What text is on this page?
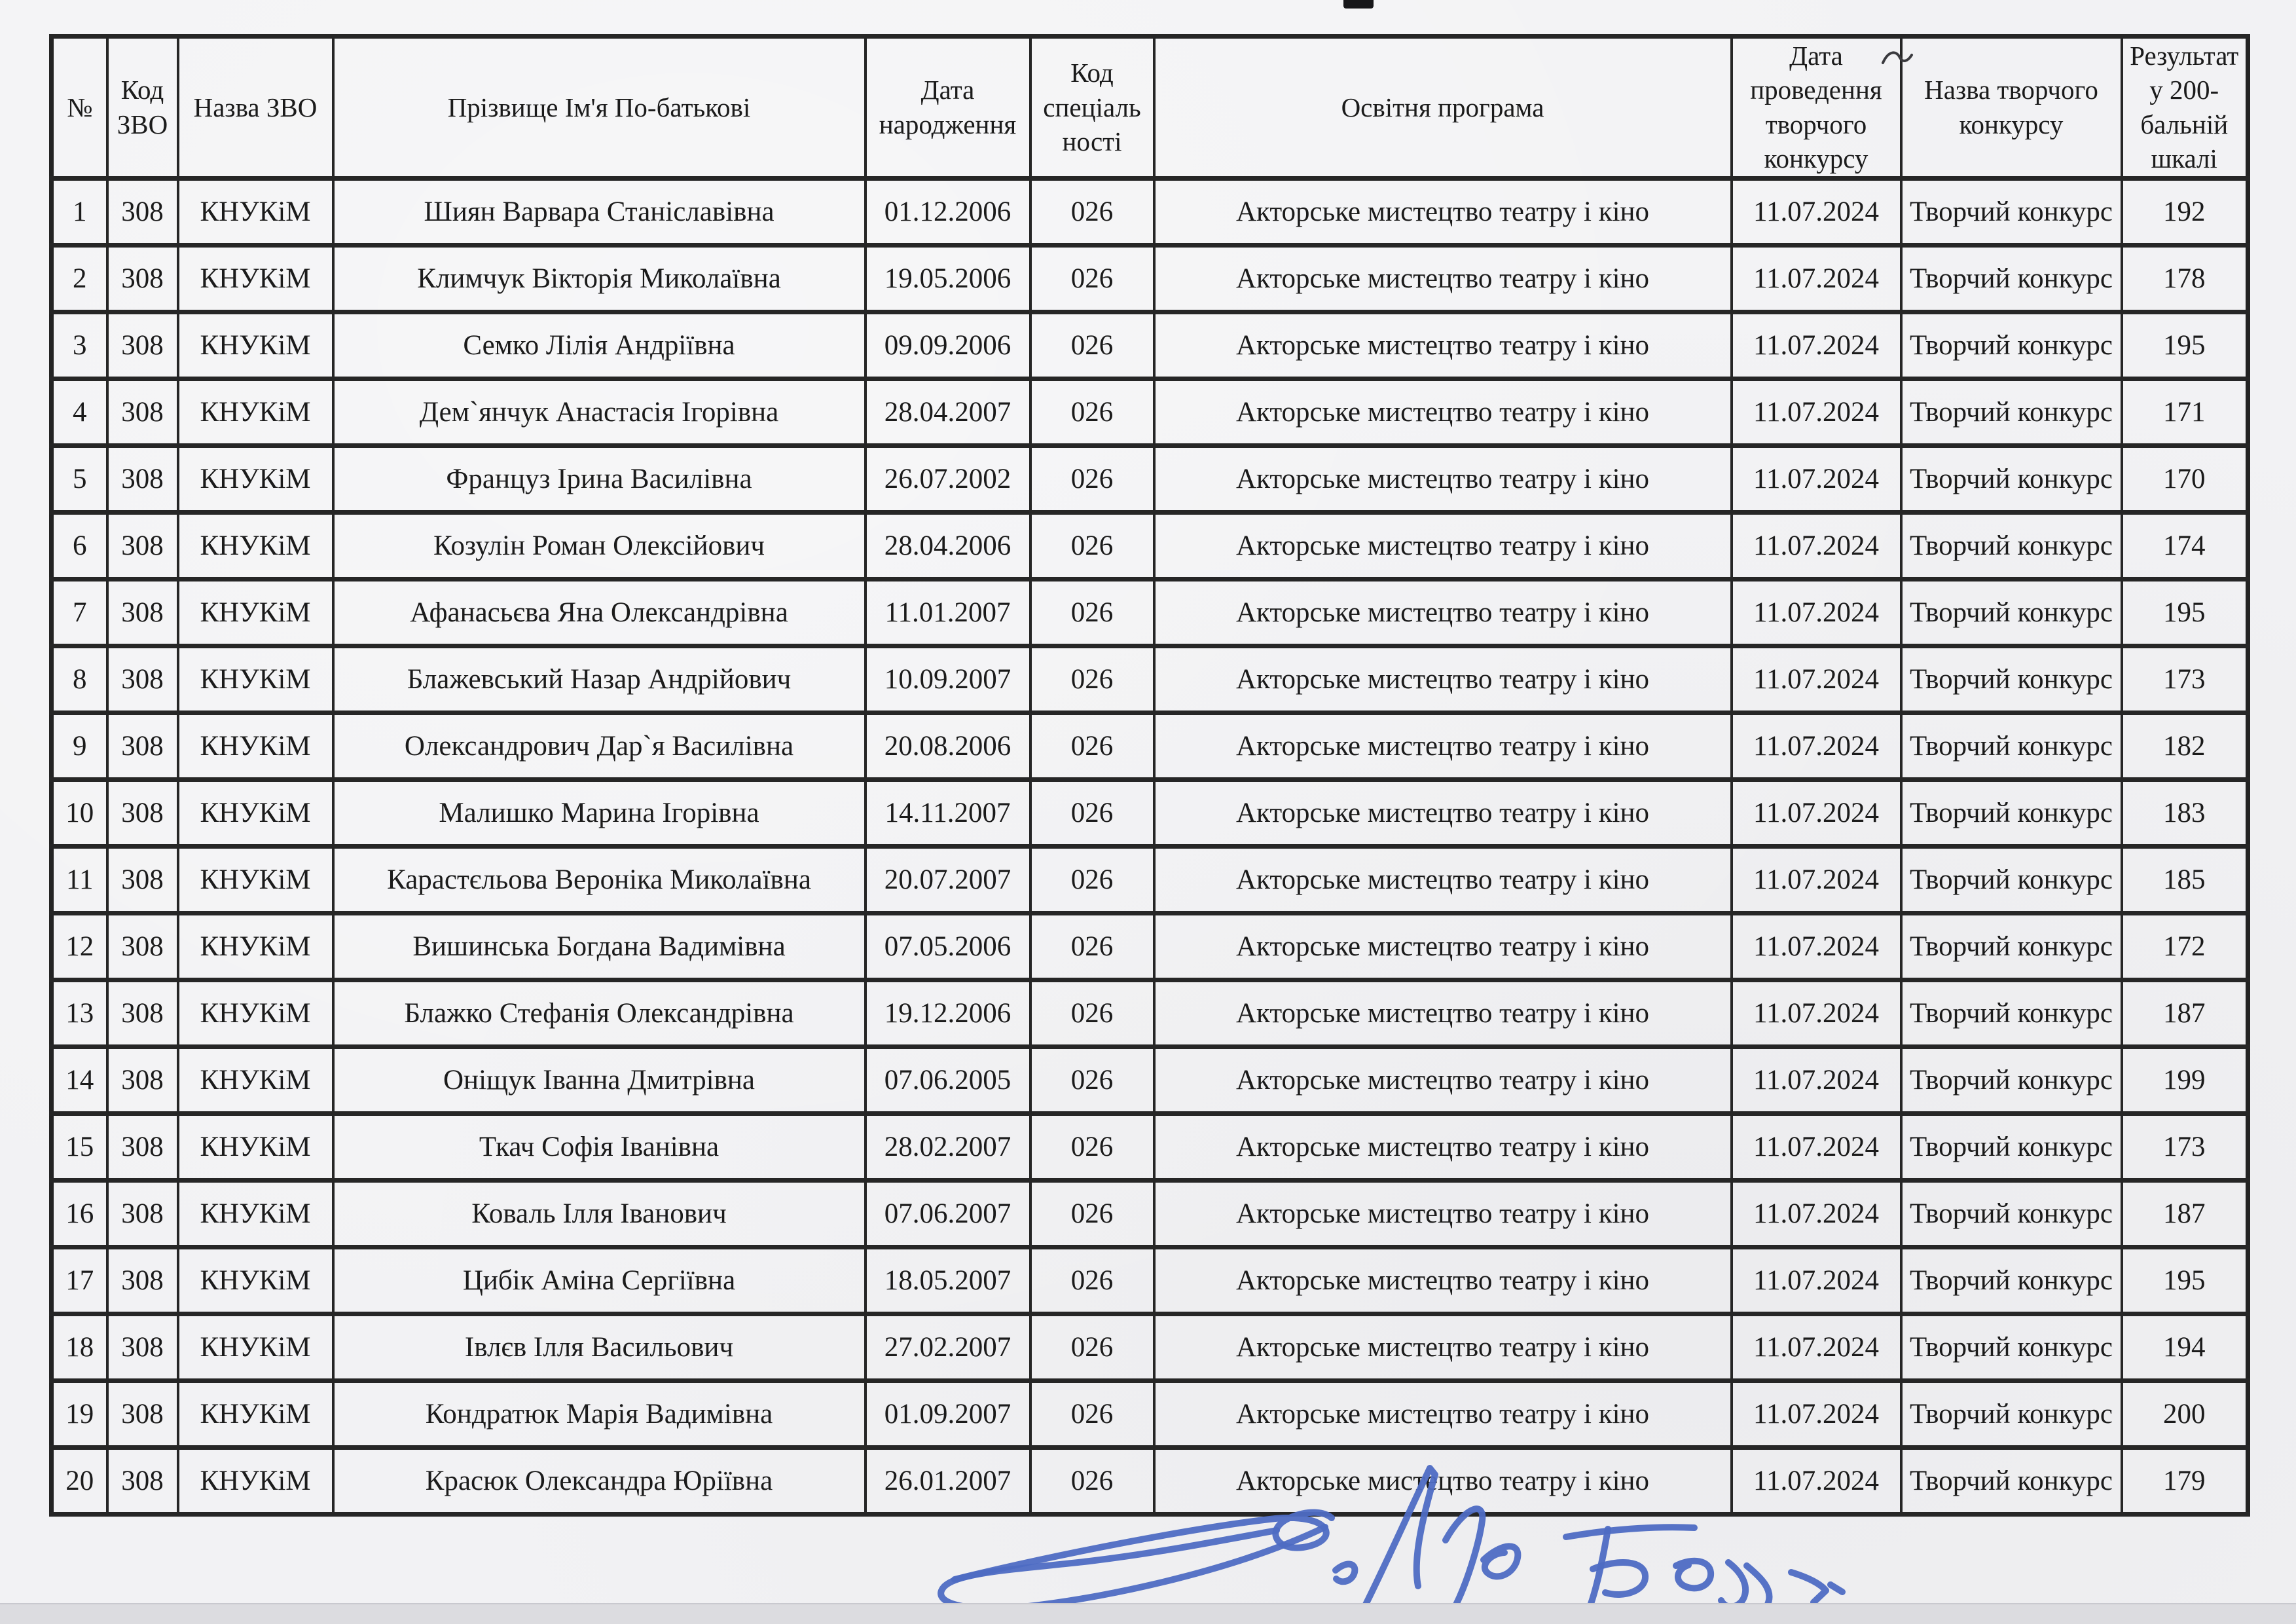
№	Код ЗВО	Назва ЗВО	Прізвище Ім'я По-батькові	Дата народження	Код спеціаль ності	Освітня програма	Дата проведення творчого конкурсу	Назва творчого конкурсу	Результат у 200- бальній шкалі
1	308	КНУКіМ	Шиян Варвара Станіславівна	01.12.2006	026	Акторське мистецтво театру і кіно	11.07.2024	Творчий конкурс	192
2	308	КНУКіМ	Климчук Вікторія Миколаївна	19.05.2006	026	Акторське мистецтво театру і кіно	11.07.2024	Творчий конкурс	178
3	308	КНУКіМ	Семко Лілія Андріївна	09.09.2006	026	Акторське мистецтво театру і кіно	11.07.2024	Творчий конкурс	195
4	308	КНУКіМ	Дем`янчук Анастасія Ігорівна	28.04.2007	026	Акторське мистецтво театру і кіно	11.07.2024	Творчий конкурс	171
5	308	КНУКіМ	Француз Ірина Василівна	26.07.2002	026	Акторське мистецтво театру і кіно	11.07.2024	Творчий конкурс	170
6	308	КНУКіМ	Козулін Роман Олексійович	28.04.2006	026	Акторське мистецтво театру і кіно	11.07.2024	Творчий конкурс	174
7	308	КНУКіМ	Афанасьєва Яна Олександрівна	11.01.2007	026	Акторське мистецтво театру і кіно	11.07.2024	Творчий конкурс	195
8	308	КНУКіМ	Блажевський Назар Андрійович	10.09.2007	026	Акторське мистецтво театру і кіно	11.07.2024	Творчий конкурс	173
9	308	КНУКіМ	Олександрович Дар`я Василівна	20.08.2006	026	Акторське мистецтво театру і кіно	11.07.2024	Творчий конкурс	182
10	308	КНУКіМ	Малишко Марина Ігорівна	14.11.2007	026	Акторське мистецтво театру і кіно	11.07.2024	Творчий конкурс	183
11	308	КНУКіМ	Карастєльова Вероніка Миколаївна	20.07.2007	026	Акторське мистецтво театру і кіно	11.07.2024	Творчий конкурс	185
12	308	КНУКіМ	Вишинська Богдана Вадимівна	07.05.2006	026	Акторське мистецтво театру і кіно	11.07.2024	Творчий конкурс	172
13	308	КНУКіМ	Блажко Стефанія Олександрівна	19.12.2006	026	Акторське мистецтво театру і кіно	11.07.2024	Творчий конкурс	187
14	308	КНУКіМ	Оніщук Іванна Дмитрівна	07.06.2005	026	Акторське мистецтво театру і кіно	11.07.2024	Творчий конкурс	199
15	308	КНУКіМ	Ткач Софія Іванівна	28.02.2007	026	Акторське мистецтво театру і кіно	11.07.2024	Творчий конкурс	173
16	308	КНУКіМ	Коваль Ілля Іванович	07.06.2007	026	Акторське мистецтво театру і кіно	11.07.2024	Творчий конкурс	187
17	308	КНУКіМ	Цибік Аміна Сергіївна	18.05.2007	026	Акторське мистецтво театру і кіно	11.07.2024	Творчий конкурс	195
18	308	КНУКіМ	Івлєв Ілля Васильович	27.02.2007	026	Акторське мистецтво театру і кіно	11.07.2024	Творчий конкурс	194
19	308	КНУКіМ	Кондратюк Марія Вадимівна	01.09.2007	026	Акторське мистецтво театру і кіно	11.07.2024	Творчий конкурс	200
20	308	КНУКіМ	Красюк Олександра Юріївна	26.01.2007	026	Акторське мистецтво театру і кіно	11.07.2024	Творчий конкурс	179
